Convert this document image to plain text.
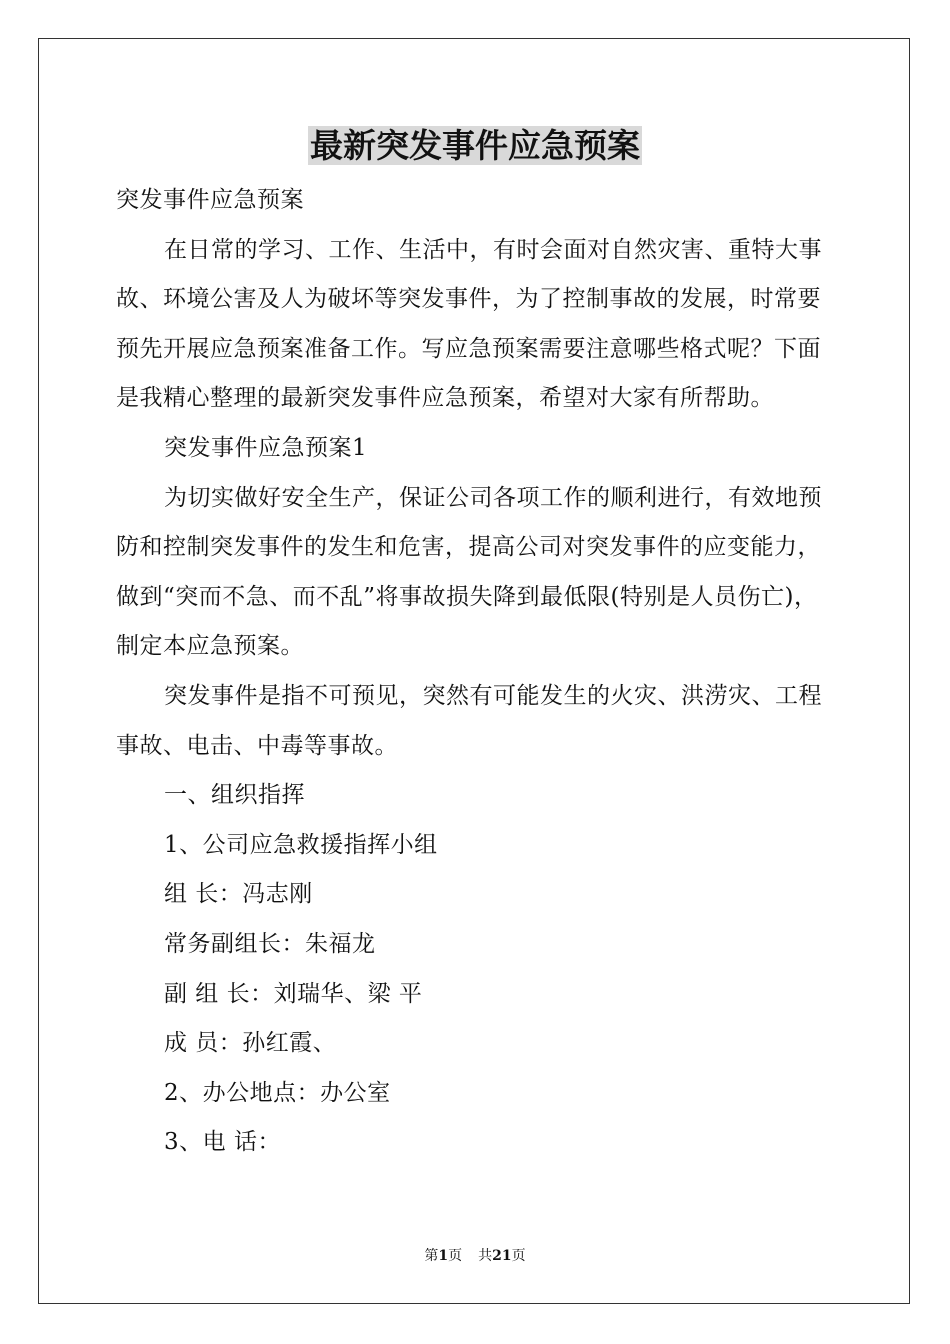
最新突发事件应急预案

突发事件应急预案

在日常的学习、工作、生活中，有时会面对自然灾害、重特大事故、环境公害及人为破坏等突发事件，为了控制事故的发展，时常要预先开展应急预案准备工作。写应急预案需要注意哪些格式呢？下面是我精心整理的最新突发事件应急预案，希望对大家有所帮助。

突发事件应急预案1

为切实做好安全生产，保证公司各项工作的顺利进行，有效地预防和控制突发事件的发生和危害，提高公司对突发事件的应变能力，做到“突而不急、而不乱”将事故损失降到最低限(特别是人员伤亡)，制定本应急预案。

突发事件是指不可预见，突然有可能发生的火灾、洪涝灾、工程事故、电击、中毒等事故。

一、组织指挥

1、公司应急救援指挥小组

组 长：冯志刚

常务副组长：朱福龙

副 组 长：刘瑞华、梁 平

成 员：孙红霞、

2、办公地点：办公室

3、电 话：

第1页 共21页
